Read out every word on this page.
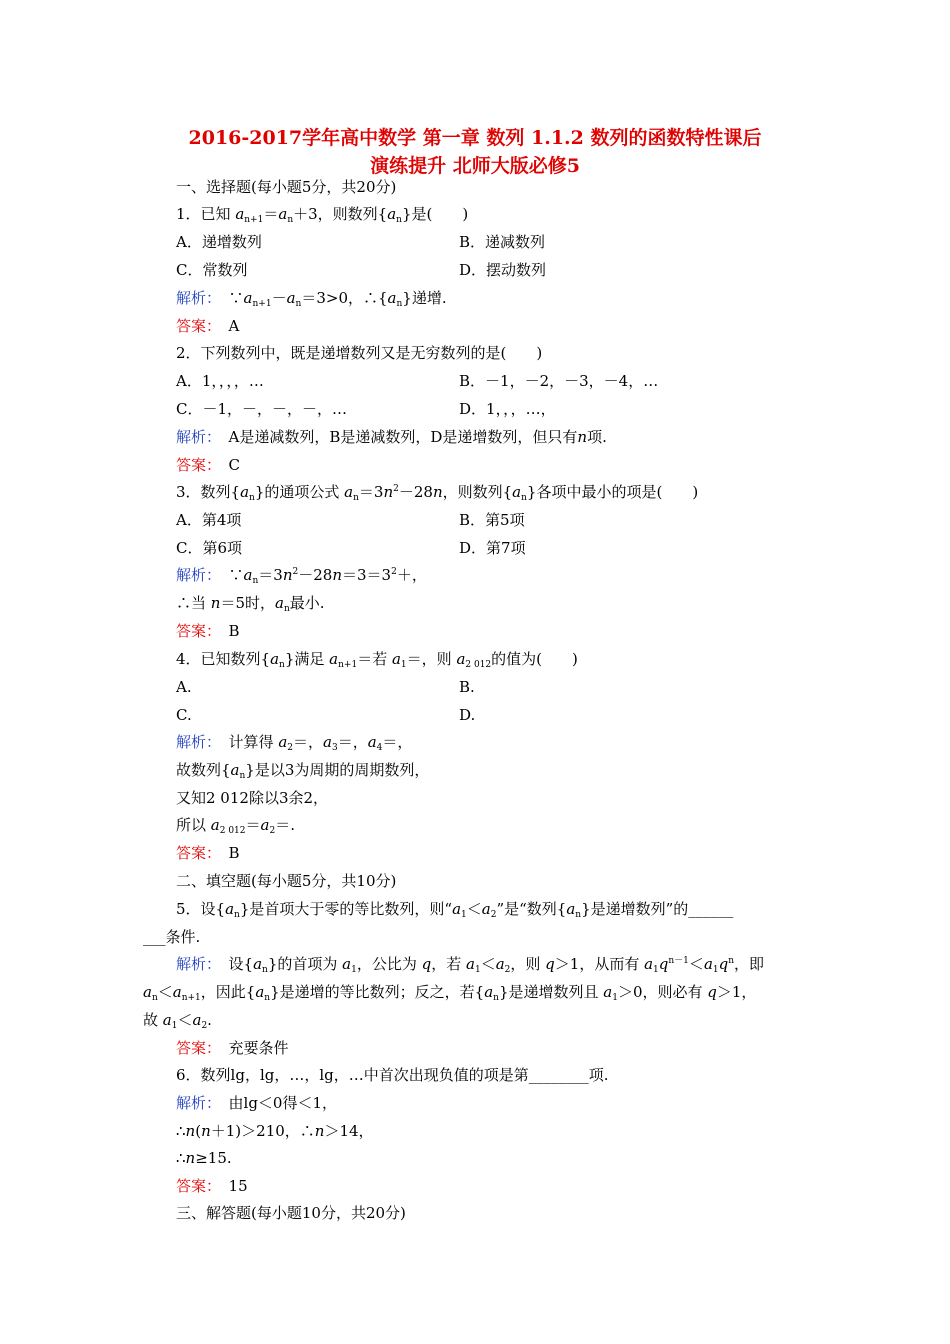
2016-2017学年高中数学 第一章 数列 1.1.2 数列的函数特性课后
演练提升 北师大版必修5
一、选择题(每小题5分，共20分)
1．已知 $a_{n+1}=a_n+3$，则数列$\{a_n\}$是(　　)
A．递增数列	B．递减数列
C．常数列	D．摆动数列
解析：　 $\because a_{n+1}-a_n=3>0$，$\therefore\{a_n\}$递增.
答案：　 A
2．下列数列中，既是递增数列又是无穷数列的是(　　)
A．1，，，，…	B．－1，－2，－3，－4，…
C．－1，－，－，－，…	D．1，，，…，
解析：　 A是递减数列，B是递减数列，D是递增数列，但只有n项.
答案：　 C
3．数列$\{a_n\}$的通项公式 $a_n=3n^2-28n$，则数列$\{a_n\}$各项中最小的项是(　　)
A．第4项	B．第5项
C．第6项	D．第7项
解析：　 $\because a_n=3n^2-28n=3=3^2+$，
∴当 n＝5时，$a_n$最小.
答案：　 B
4．已知数列$\{a_n\}$满足 $a_{n+1}=$若 $a_1=$，则 $a_{2 012}$的值为(　　)
A.	B.
C.	D.
解析：　 计算得 $a_2=$，$a_3=$，$a_4=$，
故数列$\{a_n\}$是以3为周期的周期数列，
又知2 012除以3余2，
所以 $a_{2 012}=a_2=$.
答案：　 B
二、填空题(每小题5分，共10分)
5．设$\{a_n\}$是首项大于零的等比数列，则“$a_1<a_2$”是“数列$\{a_n\}$是递增数列”的______
___条件.
解析：　 设$\{a_n\}$的首项为 $a_1$，公比为 q，若 $a_1<a_2$，则 q＞1，从而有 $a_1q^{n-1}<a_1q^n$，即
$a_n<a_{n+1}$，因此$\{a_n\}$是递增的等比数列；反之，若$\{a_n\}$是递增数列且 $a_1>0$，则必有 q＞1，
故 $a_1<a_2$.
答案：　 充要条件
6．数列lg，lg，…，lg，…中首次出现负值的项是第________项.
解析：　 由lg＜0得＜1，
∴n(n＋1)＞210，∴n＞14，
∴n≥15.
答案：　 15
三、解答题(每小题10分，共20分)
